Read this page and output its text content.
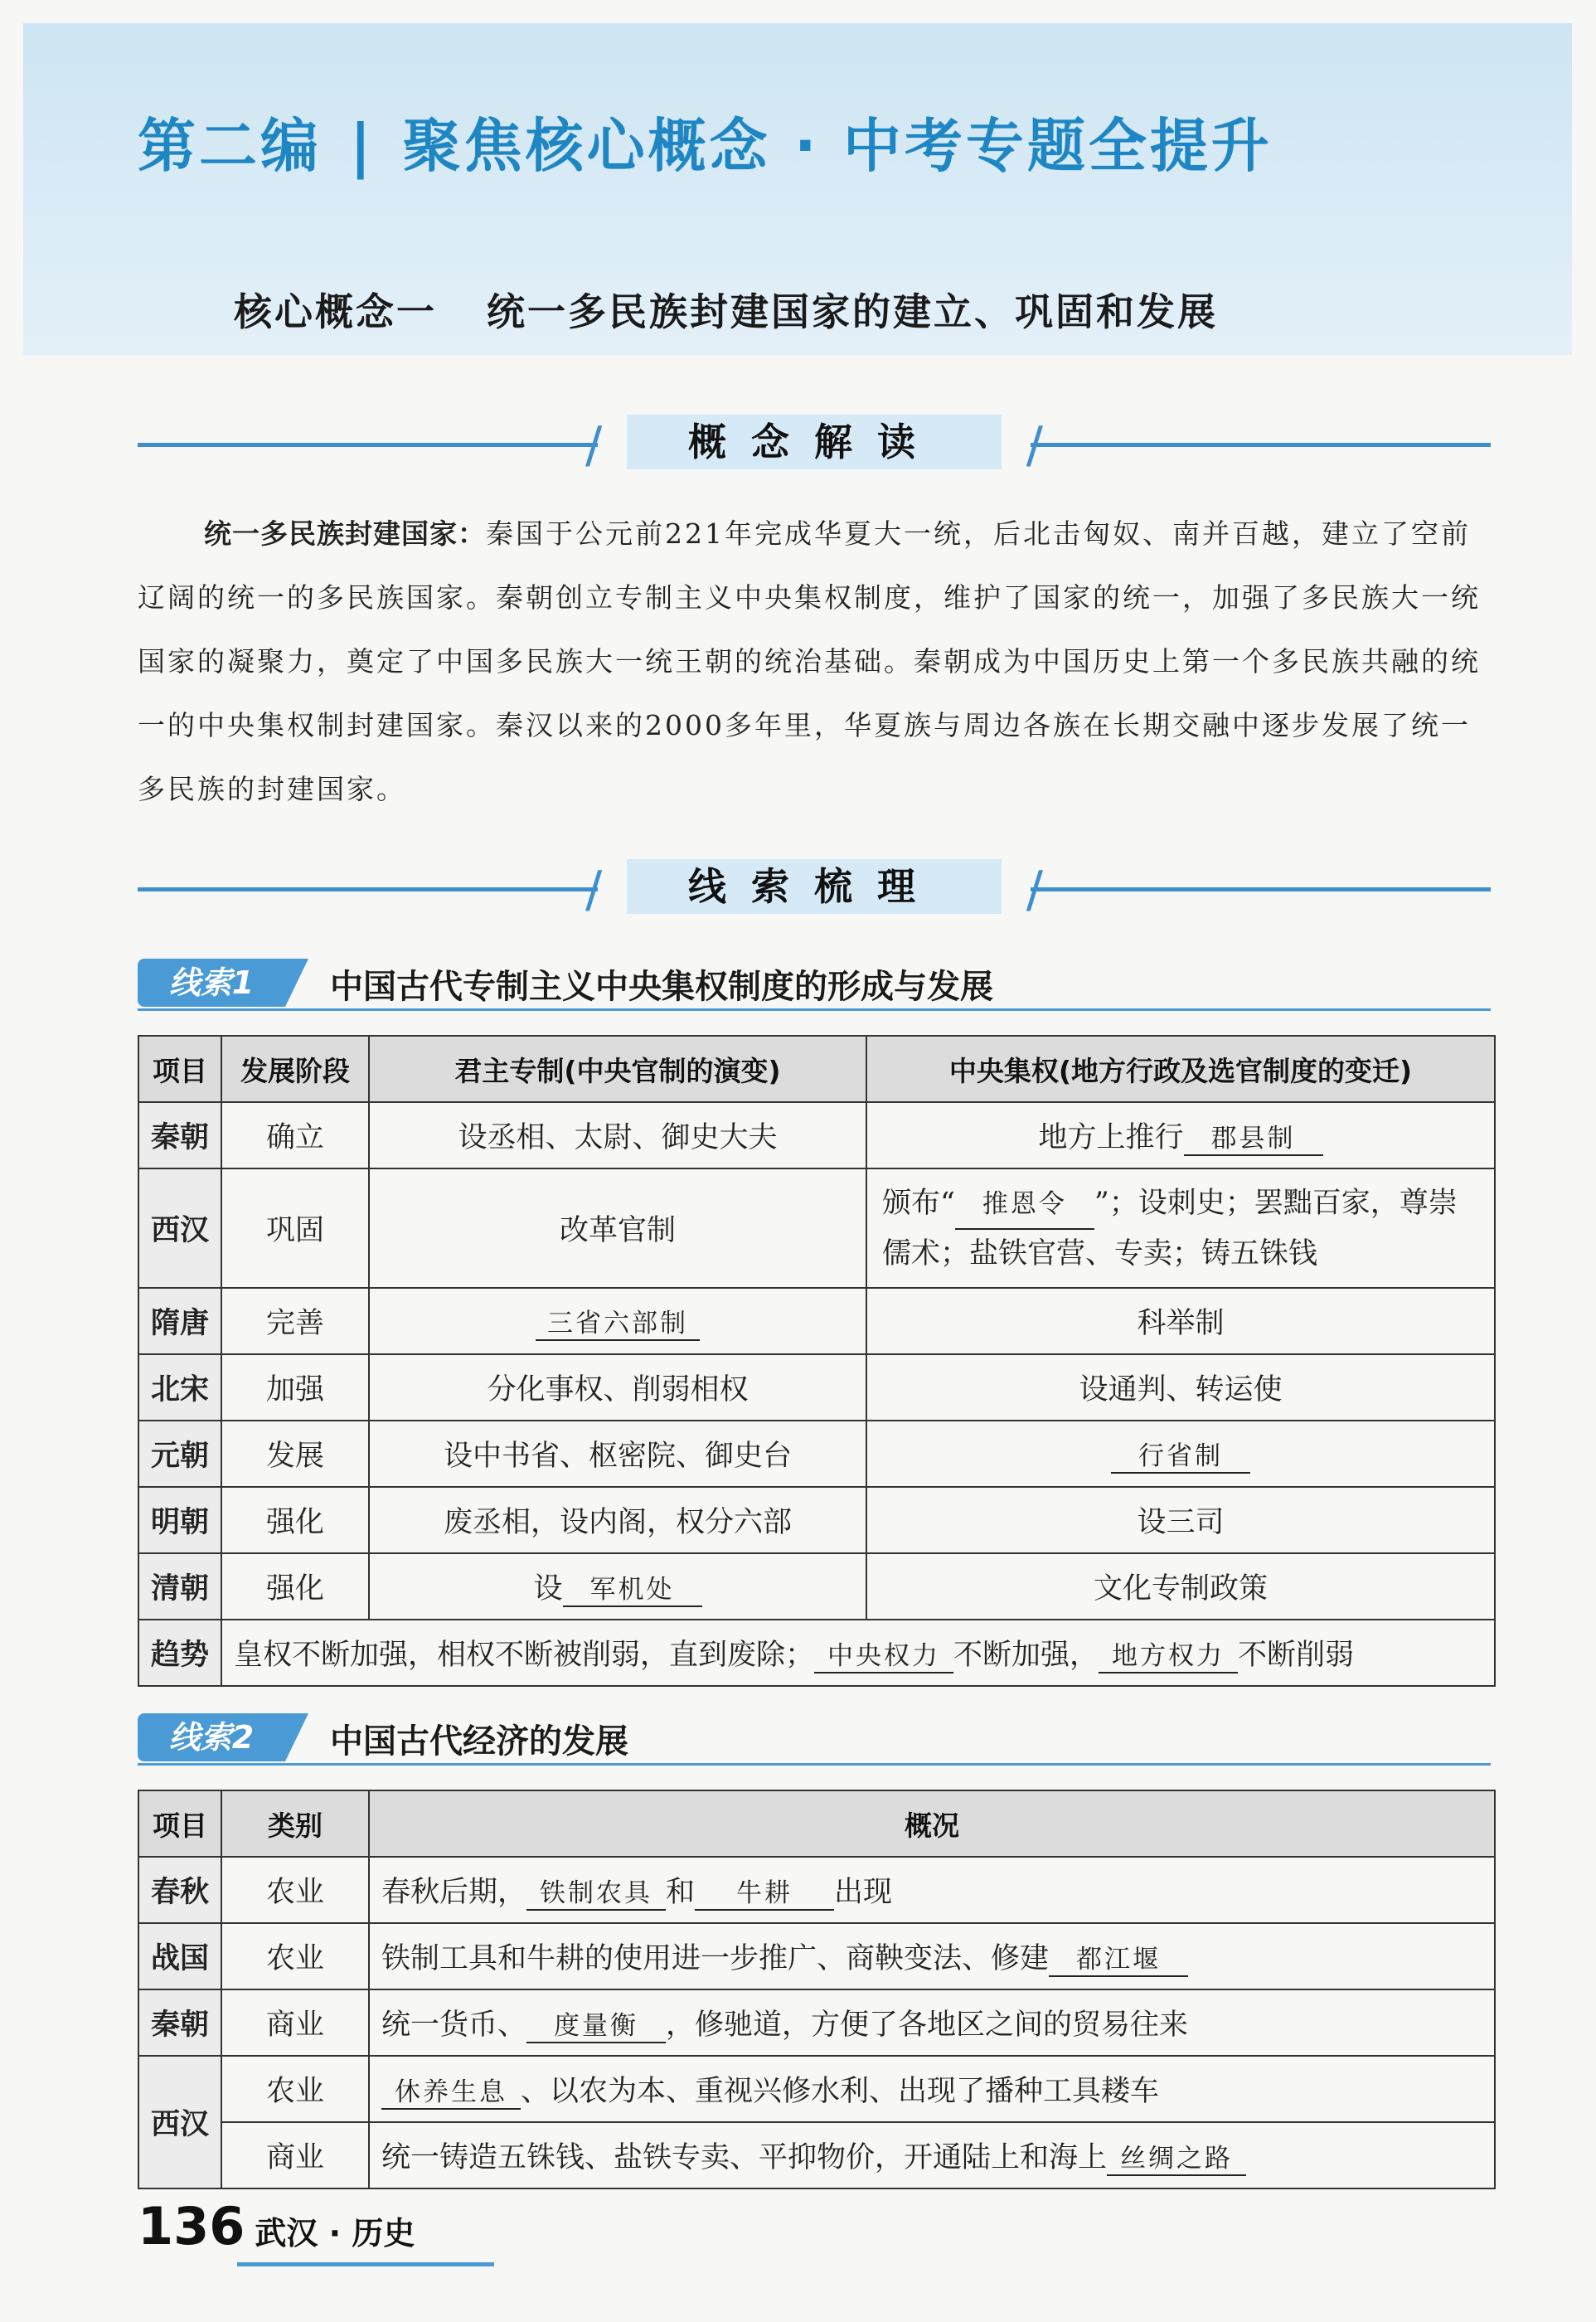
第二编 | 聚焦核心概念 · 中考专题全提升
核心概念一 统一多民族封建国家的建立、巩固和发展
/	/
概念解读
统一多民族封建国家：秦国于公元前221年完成华夏大一统，后北击匈奴、南并百越，建立了空前辽阔的统一的多民族国家。秦朝创立专制主义中央集权制度，维护了国家的统一，加强了多民族大一统国家的凝聚力，奠定了中国多民族大一统王朝的统治基础。秦朝成为中国历史上第一个多民族共融的统一的中央集权制封建国家。秦汉以来的2000多年里，华夏族与周边各族在长期交融中逐步发展了统一多民族的封建国家。
/	/
线索梳理
线索1	中国古代专制主义中央集权制度的形成与发展
项目	发展阶段	君主专制(中央官制的演变)	中央集权(地方行政及选官制度的变迁)
秦朝	确立	设丞相、太尉、御史大夫	地方上推行 郡县制
西汉	巩固	改革官制	颁布“ 推恩令 ”；设刺史；罢黜百家，尊崇
儒术；盐铁官营、专卖；铸五铢钱
隋唐	完善	三省六部制	科举制
北宋	加强	分化事权、削弱相权	设通判、转运使
元朝	发展	设中书省、枢密院、御史台	行省制
明朝	强化	废丞相，设内阁，权分六部	设三司
清朝	强化	设 军机处	文化专制政策
趋势	皇权不断加强，相权不断被削弱，直到废除； 中央权力 不断加强， 地方权力 不断削弱		
线索2	中国古代经济的发展
项目	类别	概况
春秋	农业	春秋后期， 铁制农具 和 牛耕 出现
战国	农业	铁制工具和牛耕的使用进一步推广、商鞅变法、修建 都江堰
秦朝	商业	统一货币、 度量衡 ，修驰道，方便了各地区之间的贸易往来
西汉	农业	休养生息 、以农为本、重视兴修水利、出现了播种工具耧车
	商业	统一铸造五铢钱、盐铁专卖、平抑物价，开通陆上和海上 丝绸之路
136 武汉 · 历史
